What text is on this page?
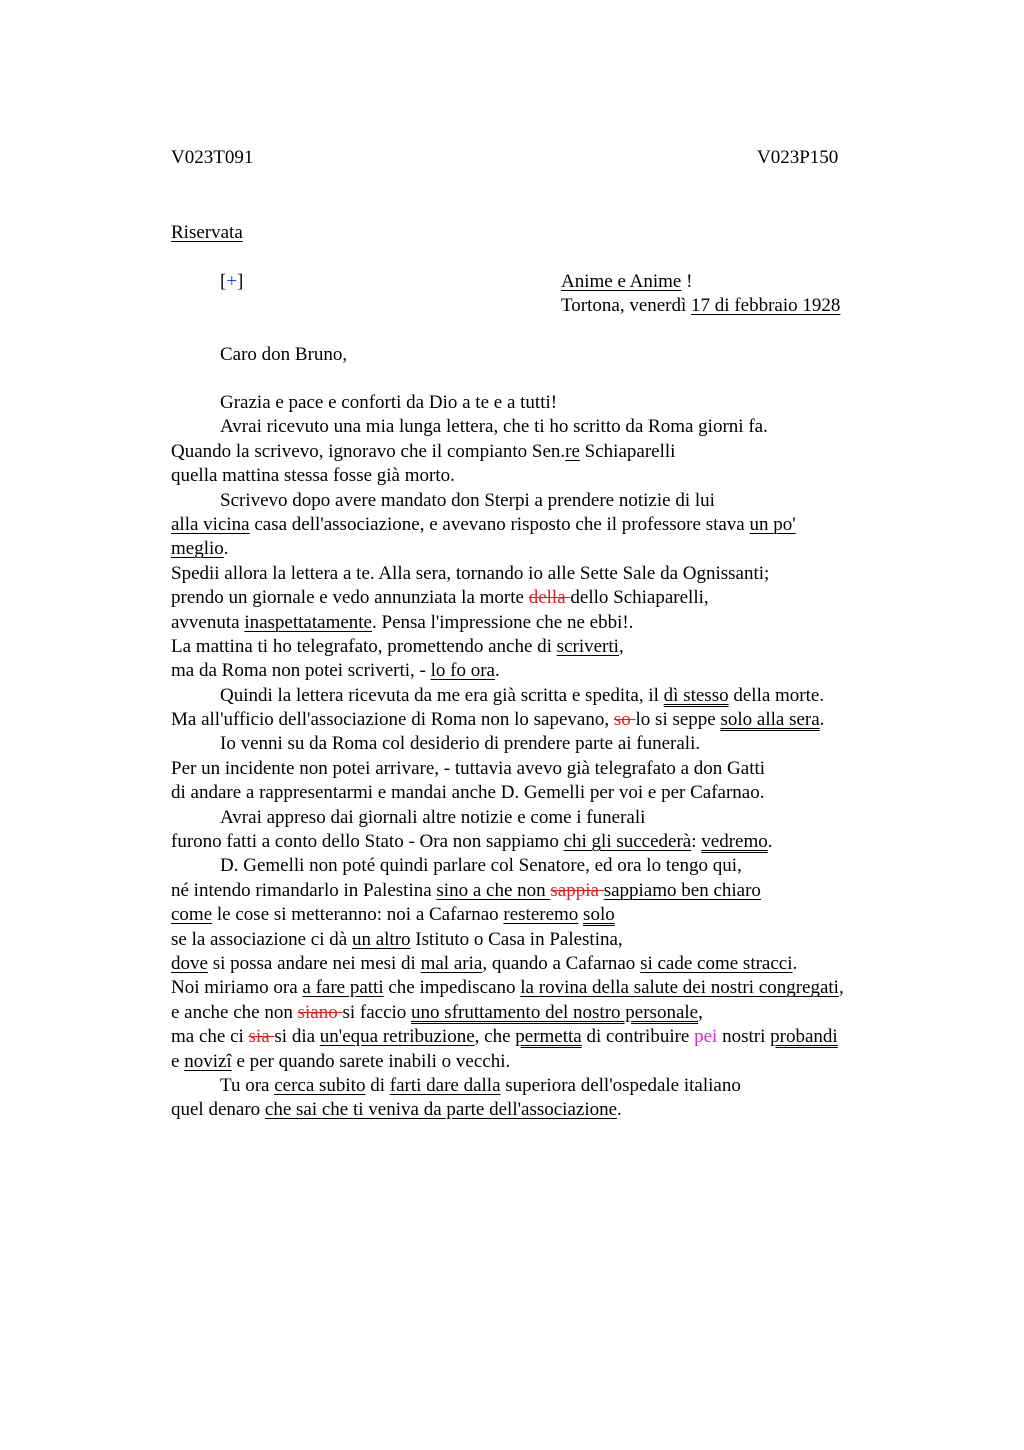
V023T091	V023P150
Riservata
[+]	Anime e Anime !
Tortona, venerdì 17 di febbraio 1928
Caro don Bruno,
Grazia e pace e conforti da Dio a te e a tutti!
Avrai ricevuto una mia lunga lettera, che ti ho scritto da Roma giorni fa.
Quando la scrivevo, ignoravo che il compianto Sen.re Schiaparelli
quella mattina stessa fosse già morto.
Scrivevo dopo avere mandato don Sterpi a prendere notizie di lui
alla vicina casa dell'associazione, e avevano risposto che il professore stava un po'
meglio.
Spedii allora la lettera a te. Alla sera, tornando io alle Sette Sale da Ognissanti;
prendo un giornale e vedo annunziata la morte della dello Schiaparelli,
avvenuta inaspettatamente. Pensa l'impressione che ne ebbi!.
La mattina ti ho telegrafato, promettendo anche di scriverti,
ma da Roma non potei scriverti, - lo fo ora.
Quindi la lettera ricevuta da me era già scritta e spedita, il dì stesso della morte.
Ma all'ufficio dell'associazione di Roma non lo sapevano, so lo si seppe solo alla sera.
Io venni su da Roma col desiderio di prendere parte ai funerali.
Per un incidente non potei arrivare, - tuttavia avevo già telegrafato a don Gatti
di andare a rappresentarmi e mandai anche D. Gemelli per voi e per Cafarnao.
Avrai appreso dai giornali altre notizie e come i funerali
furono fatti a conto dello Stato - Ora non sappiamo chi gli succederà: vedremo.
D. Gemelli non poté quindi parlare col Senatore, ed ora lo tengo qui,
né intendo rimandarlo in Palestina sino a che non sappia sappiamo ben chiaro
come le cose si metteranno: noi a Cafarnao resteremo solo
se la associazione ci dà un altro Istituto o Casa in Palestina,
dove si possa andare nei mesi di mal aria, quando a Cafarnao si cade come stracci.
Noi miriamo ora a fare patti che impediscano la rovina della salute dei nostri congregati,
e anche che non siano si faccio uno sfruttamento del nostro personale,
ma che ci sia si dia un'equa retribuzione, che permetta di contribuire pei nostri probandi
e novizî e per quando sarete inabili o vecchi.
Tu ora cerca subito di farti dare dalla superiora dell'ospedale italiano
quel denaro che sai che ti veniva da parte dell'associazione.
